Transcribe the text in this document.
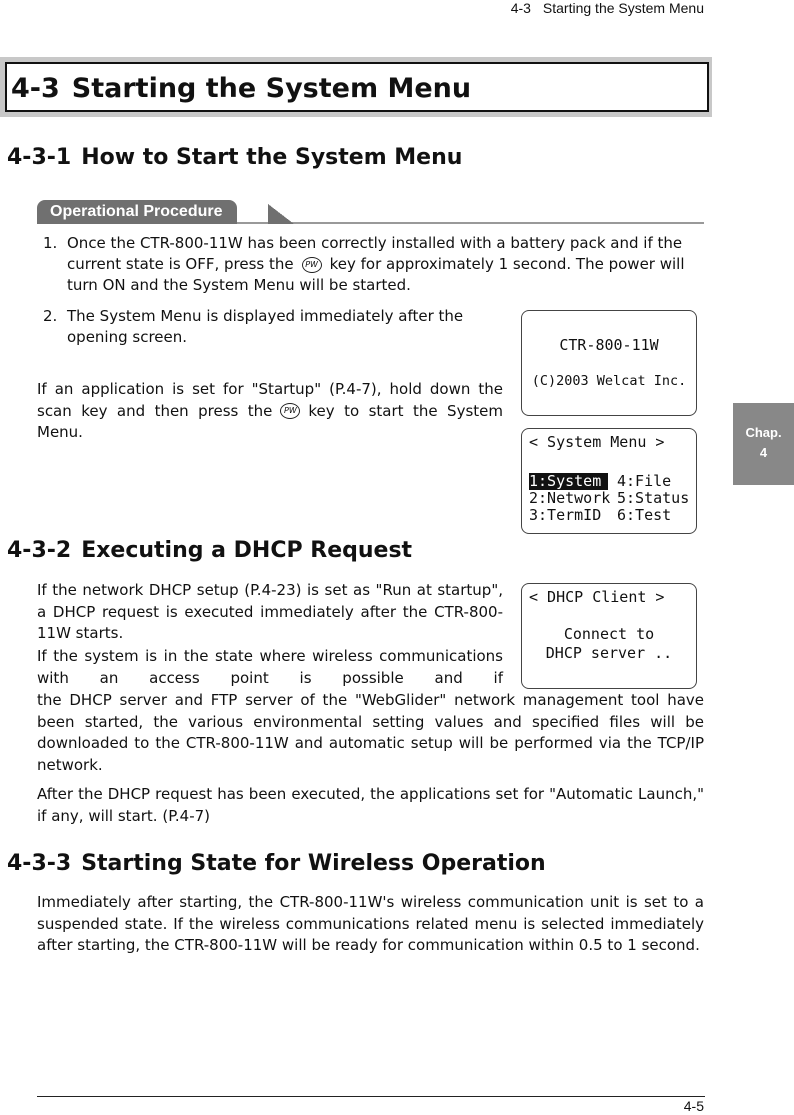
4-3 Starting the System Menu
4-3 Starting the System Menu
4-3-1 How to Start the System Menu
Operational Procedure
1. Once the CTR-800-11W has been correctly installed with a battery pack and if the current state is OFF, press the PW key for approximately 1 second. The power will turn ON and the System Menu will be started.
2. The System Menu is displayed immediately after the opening screen.
If an application is set for "Startup" (P.4-7), hold down the scan key and then press the PW key to start the System Menu.

CTR-800-11W

(C)2003 Welcat Inc.

< System Menu >

1:System

2:Network

3:TermID

4:File

5:Status

6:Test

4-3-2 Executing a DHCP Request
If the network DHCP setup (P.4-23) is set as "Run at startup", a DHCP request is executed immediately after the CTR-800-11W starts.
If the system is in the state where wireless communications with an access point is possible and if
the DHCP server and FTP server of the "WebGlider" network management tool have been started, the various environmental setting values and specified files will be downloaded to the CTR-800-11W and automatic setup will be performed via the TCP/IP network.
After the DHCP request has been executed, the applications set for "Automatic Launch," if any, will start. (P.4-7)

< DHCP Client >

Connect to

DHCP server ..

4-3-3 Starting State for Wireless Operation
Immediately after starting, the CTR-800-11W's wireless communication unit is set to a suspended state. If the wireless communications related menu is selected immediately after starting, the CTR-800-11W will be ready for communication within 0.5 to 1 second.
Chap.
4
4-5
